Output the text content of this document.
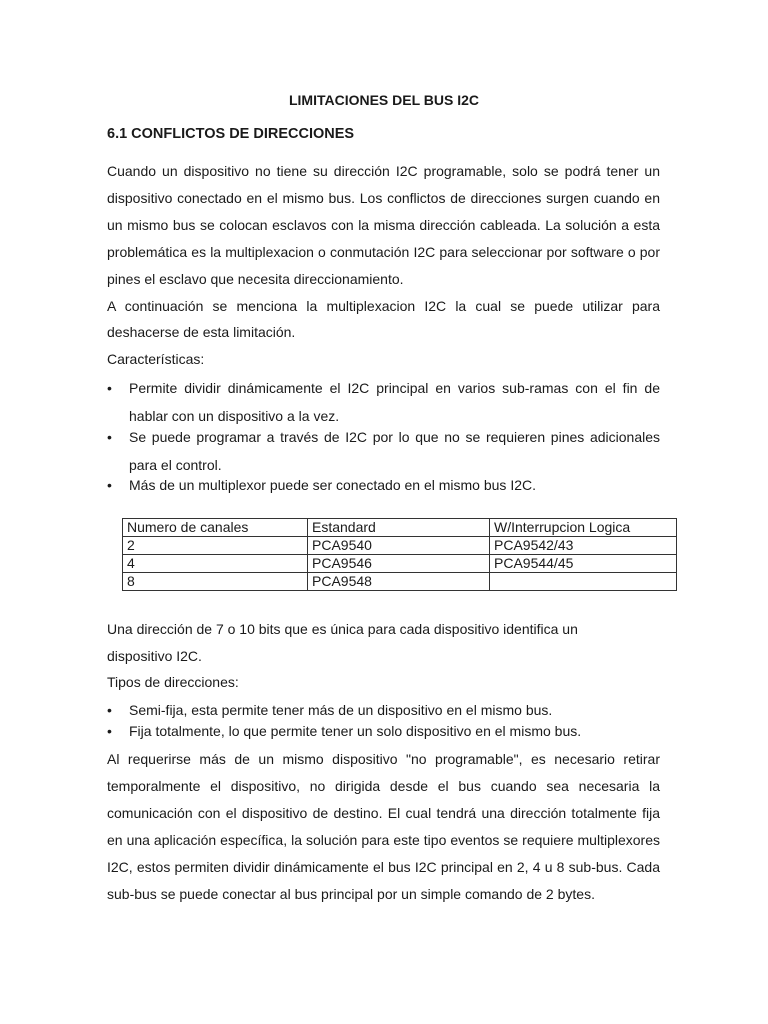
LIMITACIONES DEL BUS I2C
6.1 CONFLICTOS DE DIRECCIONES

Cuando un dispositivo no tiene su dirección I2C programable, solo se podrá tener un dispositivo conectado en el mismo bus. Los conflictos de direcciones surgen cuando en un mismo bus se colocan esclavos con la misma dirección cableada. La solución a esta problemática es la multiplexacion o conmutación I2C para seleccionar por software o por pines el esclavo que necesita direccionamiento.

A continuación se menciona la multiplexacion I2C la cual se puede utilizar para deshacerse de esta limitación.

Características:

• Permite dividir dinámicamente el I2C principal en varios sub-ramas con el fin de hablar con un dispositivo a la vez.
• Se puede programar a través de I2C por lo que no se requieren pines adicionales para el control.
• Más de un multiplexor puede ser conectado en el mismo bus I2C.
Numero de canales	Estandard	W/Interrupcion Logica
2	PCA9540	PCA9542/43
4	PCA9546	PCA9544/45
8	PCA9548	

Una dirección de 7 o 10 bits que es única para cada dispositivo identifica un dispositivo I2C.

Tipos de direcciones:

• Semi-fija, esta permite tener más de un dispositivo en el mismo bus.
• Fija totalmente, lo que permite tener un solo dispositivo en el mismo bus.

Al requerirse más de un mismo dispositivo "no programable", es necesario retirar temporalmente el dispositivo, no dirigida desde el bus cuando sea necesaria la comunicación con el dispositivo de destino. El cual tendrá una dirección totalmente fija en una aplicación específica, la solución para este tipo eventos se requiere multiplexores I2C, estos permiten dividir dinámicamente el bus I2C principal en 2, 4 u 8 sub-bus. Cada sub-bus se puede conectar al bus principal por un simple comando de 2 bytes.
